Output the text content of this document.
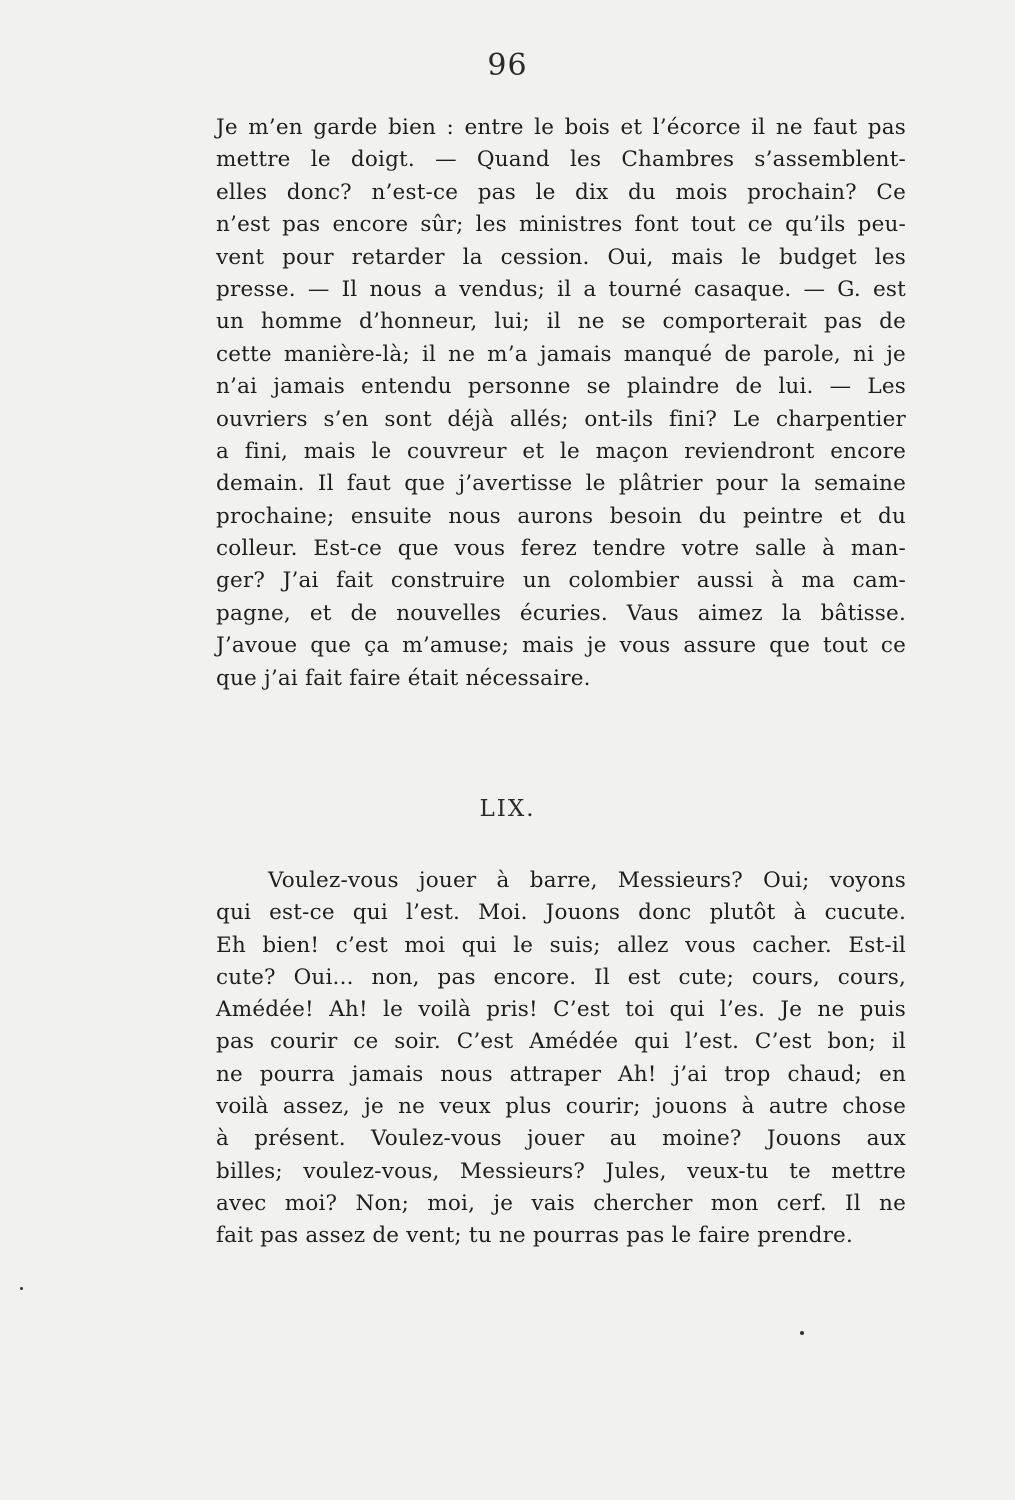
96
Je m’en garde bien : entre le bois et l’écorce il ne faut pas
mettre le doigt. — Quand les Chambres s’assemblent-
elles donc? n’est-ce pas le dix du mois prochain? Ce
n’est pas encore sûr; les ministres font tout ce qu’ils peu-
vent pour retarder la cession. Oui, mais le budget les
presse. — Il nous a vendus; il a tourné casaque. — G. est
un homme d’honneur, lui; il ne se comporterait pas de
cette manière-là; il ne m’a jamais manqué de parole, ni je
n’ai jamais entendu personne se plaindre de lui. — Les
ouvriers s’en sont déjà allés; ont-ils fini? Le charpentier
a fini, mais le couvreur et le maçon reviendront encore
demain. Il faut que j’avertisse le plâtrier pour la semaine
prochaine; ensuite nous aurons besoin du peintre et du
colleur. Est-ce que vous ferez tendre votre salle à man-
ger? J’ai fait construire un colombier aussi à ma cam-
pagne, et de nouvelles écuries. Vaus aimez la bâtisse.
J’avoue que ça m’amuse; mais je vous assure que tout ce
que j’ai fait faire était nécessaire.
LIX.
Voulez-vous jouer à barre, Messieurs? Oui; voyons
qui est-ce qui l’est. Moi. Jouons donc plutôt à cucute.
Eh bien! c’est moi qui le suis; allez vous cacher. Est-il
cute? Oui... non, pas encore. Il est cute; cours, cours,
Amédée! Ah! le voilà pris! C’est toi qui l’es. Je ne puis
pas courir ce soir. C’est Amédée qui l’est. C’est bon; il
ne pourra jamais nous attraper Ah! j’ai trop chaud; en
voilà assez, je ne veux plus courir; jouons à autre chose
à présent. Voulez-vous jouer au moine? Jouons aux
billes; voulez-vous, Messieurs? Jules, veux-tu te mettre
avec moi? Non; moi, je vais chercher mon cerf. Il ne
fait pas assez de vent; tu ne pourras pas le faire prendre.
